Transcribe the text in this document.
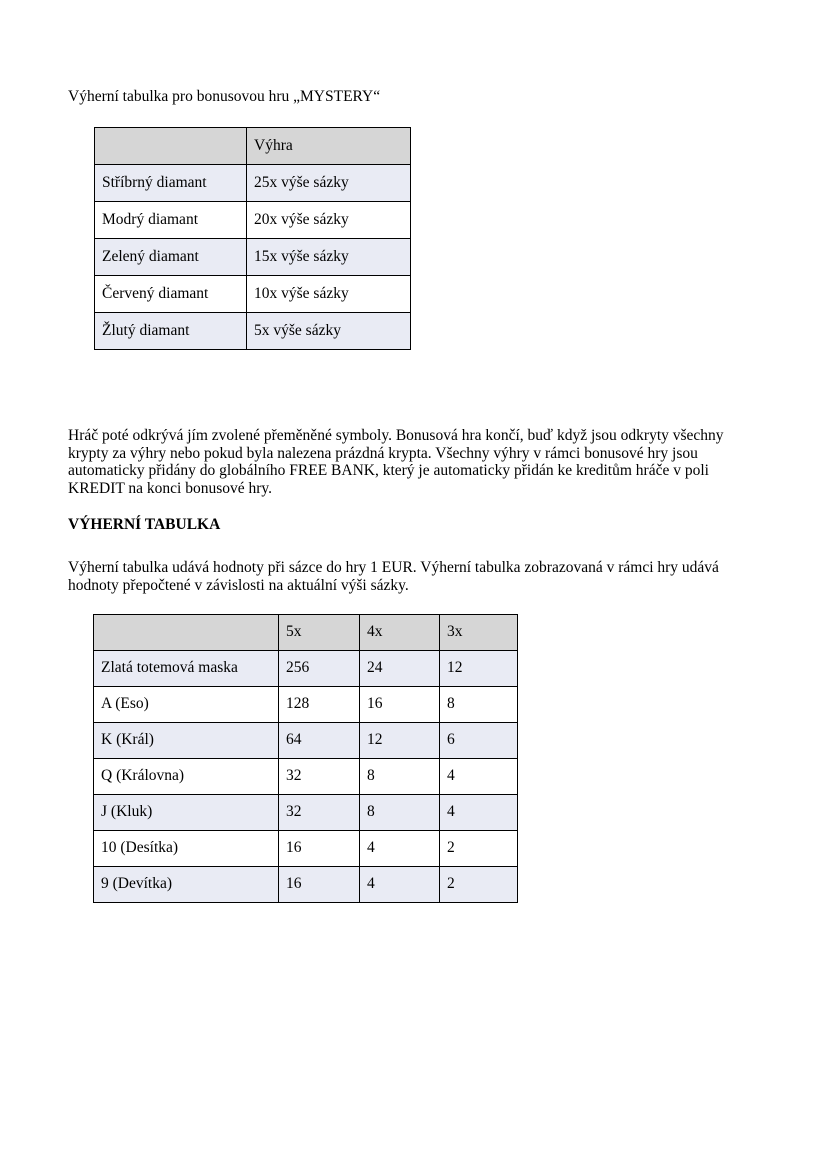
Výherní tabulka pro bonusovou hru „MYSTERY“

	Výhra
Stříbrný diamant	25x výše sázky
Modrý diamant	20x výše sázky
Zelený diamant	15x výše sázky
Červený diamant	10x výše sázky
Žlutý diamant	5x výše sázky

Hráč poté odkrývá jím zvolené přeměněné symboly. Bonusová hra končí, buď když jsou odkryty všechny krypty za výhry nebo pokud byla nalezena prázdná krypta. Všechny výhry v rámci bonusové hry jsou automaticky přidány do globálního FREE BANK, který je automaticky přidán ke kreditům hráče v poli KREDIT na konci bonusové hry.

VÝHERNÍ TABULKA

Výherní tabulka udává hodnoty při sázce do hry 1 EUR. Výherní tabulka zobrazovaná v rámci hry udává hodnoty přepočtené v závislosti na aktuální výši sázky.

	5x	4x	3x
Zlatá totemová maska	256	24	12
A (Eso)	128	16	8
K (Král)	64	12	6
Q (Královna)	32	8	4
J (Kluk)	32	8	4
10 (Desítka)	16	4	2
9 (Devítka)	16	4	2
